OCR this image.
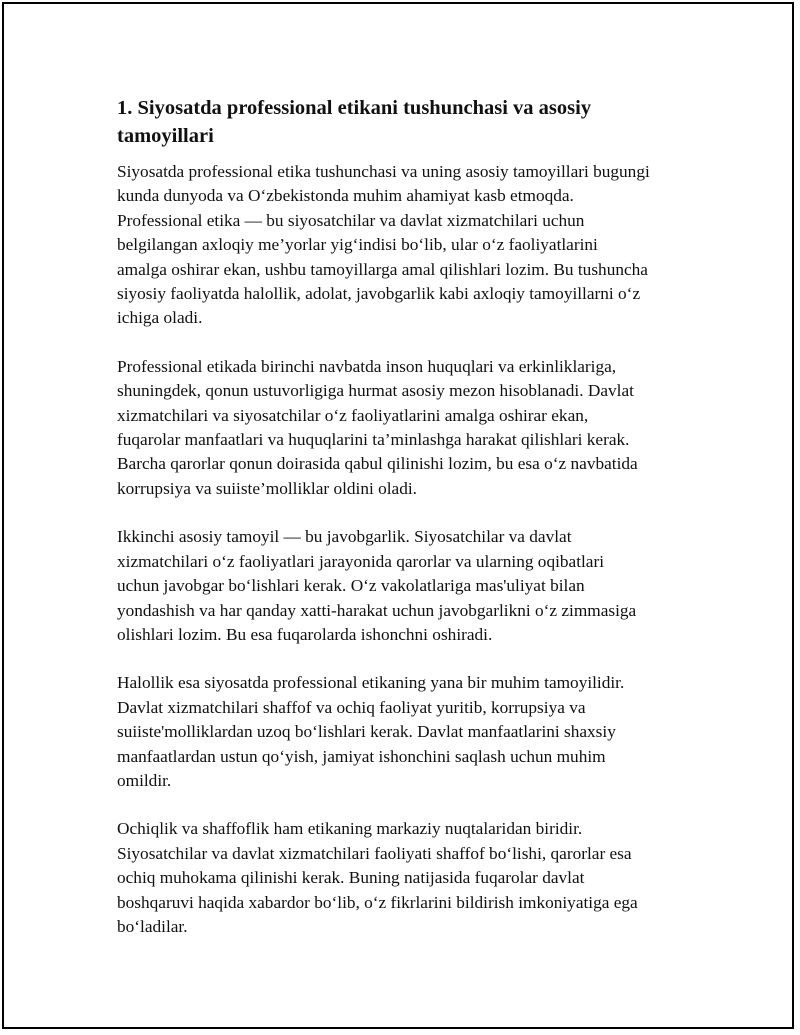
1. Siyosatda professional etikani tushunchasi va asosiy
tamoyillari

Siyosatda professional etika tushunchasi va uning asosiy tamoyillari bugungi
kunda dunyoda va O‘zbekistonda muhim ahamiyat kasb etmoqda.
Professional etika — bu siyosatchilar va davlat xizmatchilari uchun
belgilangan axloqiy me’yorlar yig‘indisi bo‘lib, ular o‘z faoliyatlarini
amalga oshirar ekan, ushbu tamoyillarga amal qilishlari lozim. Bu tushuncha
siyosiy faoliyatda halollik, adolat, javobgarlik kabi axloqiy tamoyillarni o‘z
ichiga oladi.

Professional etikada birinchi navbatda inson huquqlari va erkinliklariga,
shuningdek, qonun ustuvorligiga hurmat asosiy mezon hisoblanadi. Davlat
xizmatchilari va siyosatchilar o‘z faoliyatlarini amalga oshirar ekan,
fuqarolar manfaatlari va huquqlarini ta’minlashga harakat qilishlari kerak.
Barcha qarorlar qonun doirasida qabul qilinishi lozim, bu esa o‘z navbatida
korrupsiya va suiiste’molliklar oldini oladi.

Ikkinchi asosiy tamoyil — bu javobgarlik. Siyosatchilar va davlat
xizmatchilari o‘z faoliyatlari jarayonida qarorlar va ularning oqibatlari
uchun javobgar bo‘lishlari kerak. O‘z vakolatlariga mas'uliyat bilan
yondashish va har qanday xatti-harakat uchun javobgarlikni o‘z zimmasiga
olishlari lozim. Bu esa fuqarolarda ishonchni oshiradi.

Halollik esa siyosatda professional etikaning yana bir muhim tamoyilidir.
Davlat xizmatchilari shaffof va ochiq faoliyat yuritib, korrupsiya va
suiiste'molliklardan uzoq bo‘lishlari kerak. Davlat manfaatlarini shaxsiy
manfaatlardan ustun qo‘yish, jamiyat ishonchini saqlash uchun muhim
omildir.

Ochiqlik va shaffoflik ham etikaning markaziy nuqtalaridan biridir.
Siyosatchilar va davlat xizmatchilari faoliyati shaffof bo‘lishi, qarorlar esa
ochiq muhokama qilinishi kerak. Buning natijasida fuqarolar davlat
boshqaruvi haqida xabardor bo‘lib, o‘z fikrlarini bildirish imkoniyatiga ega
bo‘ladilar.
